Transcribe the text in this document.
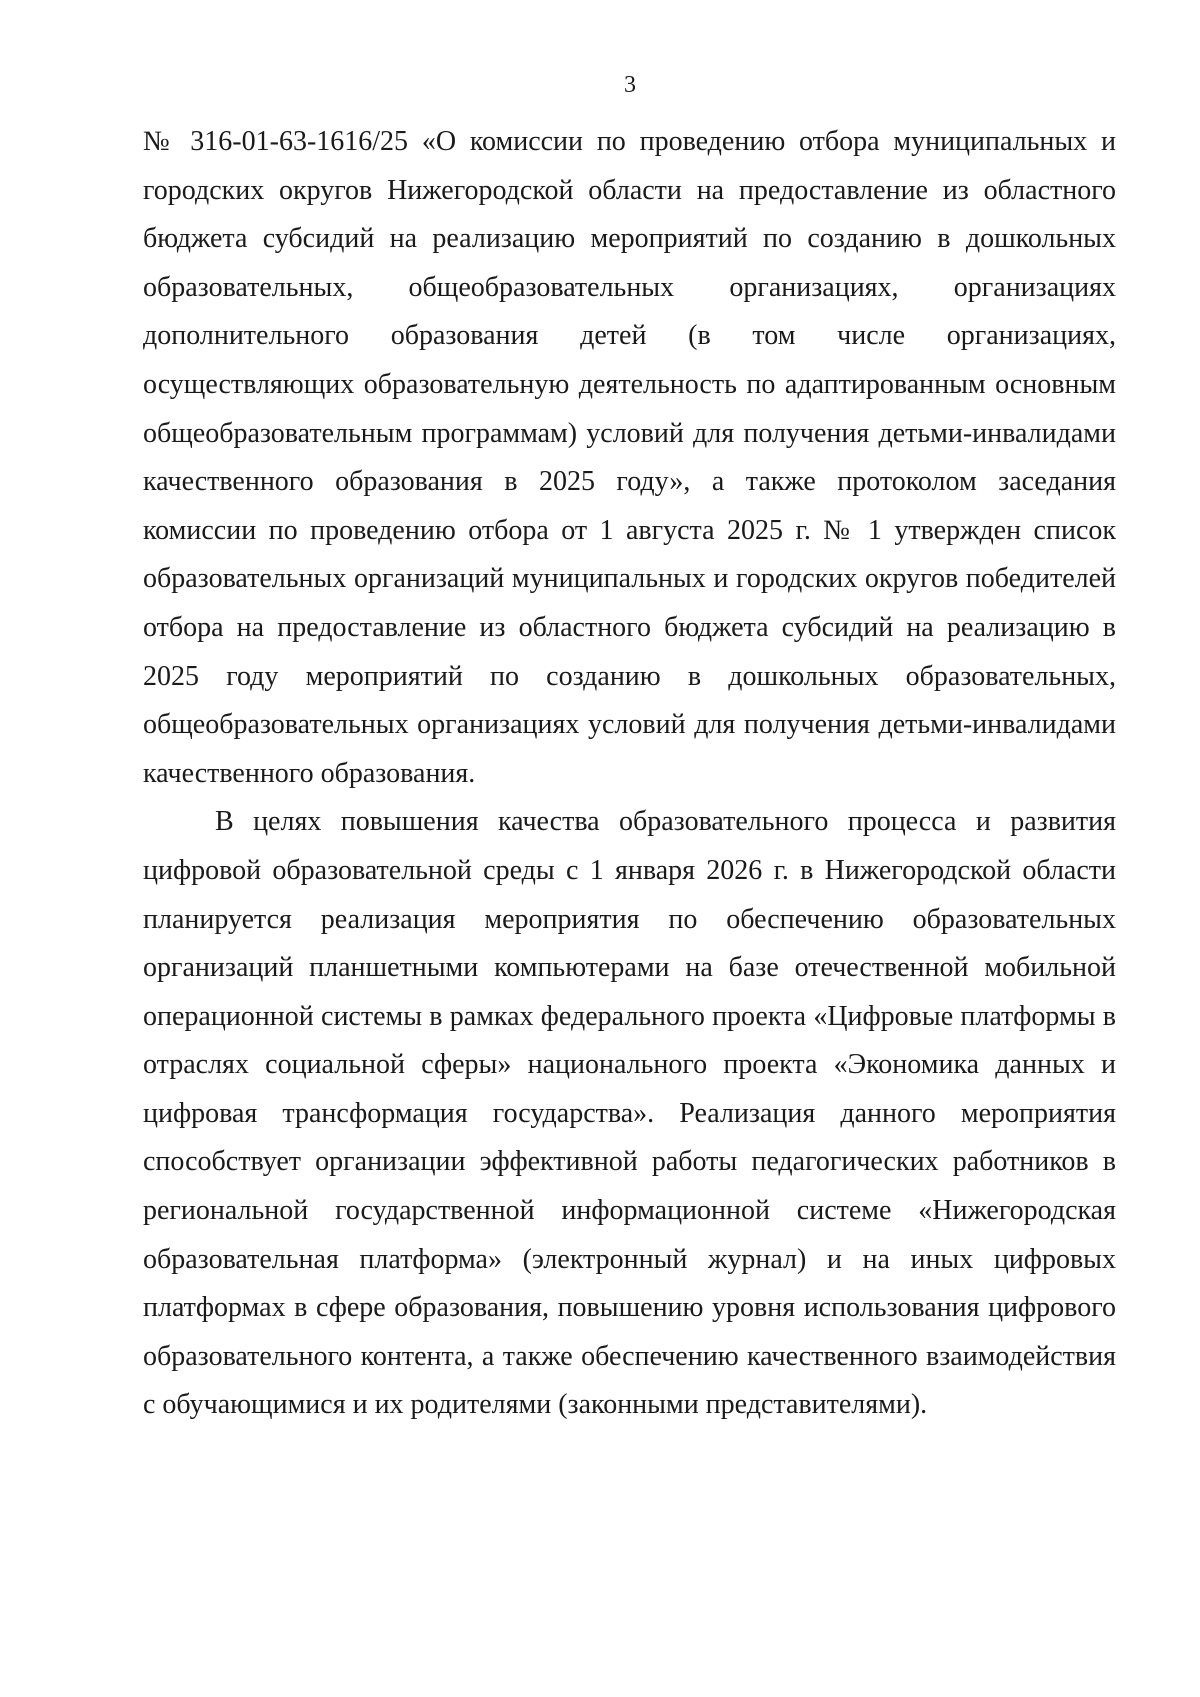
3

№ 316-01-63-1616/25 «О комиссии по проведению отбора муниципальных и городских округов Нижегородской области на предоставление из областного бюджета субсидий на реализацию мероприятий по созданию в дошкольных образовательных, общеобразовательных организациях, организациях дополнительного образования детей (в том числе организациях, осуществляющих образовательную деятельность по адаптированным основным общеобразовательным программам) условий для получения детьми-инвалидами качественного образования в 2025 году», а также протоколом заседания комиссии по проведению отбора от 1 августа 2025 г. № 1 утвержден список образовательных организаций муниципальных и городских округов победителей отбора на предоставление из областного бюджета субсидий на реализацию в 2025 году мероприятий по созданию в дошкольных образовательных, общеобразовательных организациях условий для получения детьми-инвалидами качественного образования.

В целях повышения качества образовательного процесса и развития цифровой образовательной среды с 1 января 2026 г. в Нижегородской области планируется реализация мероприятия по обеспечению образовательных организаций планшетными компьютерами на базе отечественной мобильной операционной системы в рамках федерального проекта «Цифровые платформы в отраслях социальной сферы» национального проекта «Экономика данных и цифровая трансформация государства». Реализация данного мероприятия способствует организации эффективной работы педагогических работников в региональной государственной информационной системе «Нижегородская образовательная платформа» (электронный журнал) и на иных цифровых платформах в сфере образования, повышению уровня использования цифрового образовательного контента, а также обеспечению качественного взаимодействия с обучающимися и их родителями (законными представителями).
